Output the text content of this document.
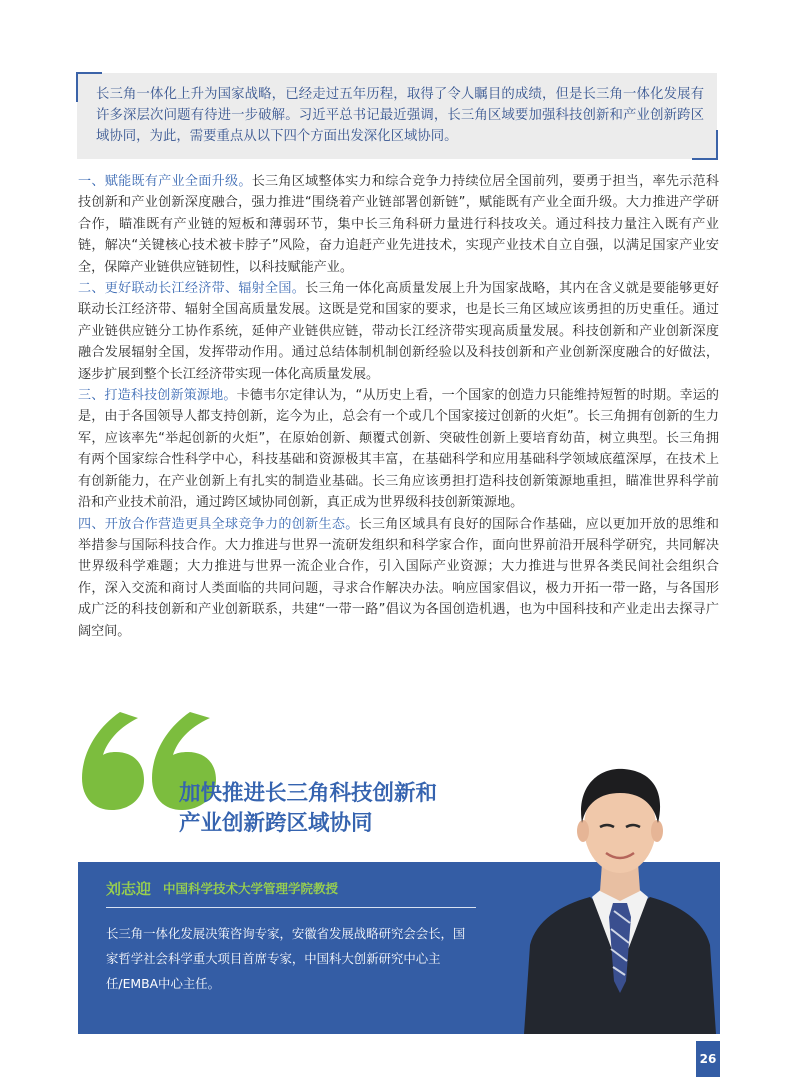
长三角一体化上升为国家战略，已经走过五年历程，取得了令人瞩目的成绩，但是长三角一体化发展有许多深层次问题有待进一步破解。习近平总书记最近强调，长三角区域要加强科技创新和产业创新跨区域协同，为此，需要重点从以下四个方面出发深化区域协同。

一、赋能既有产业全面升级。长三角区域整体实力和综合竞争力持续位居全国前列，要勇于担当，率先示范科技创新和产业创新深度融合，强力推进“围绕着产业链部署创新链”，赋能既有产业全面升级。大力推进产学研合作，瞄准既有产业链的短板和薄弱环节，集中长三角科研力量进行科技攻关。通过科技力量注入既有产业链，解决“关键核心技术被卡脖子”风险，奋力追赶产业先进技术，实现产业技术自立自强，以满足国家产业安全，保障产业链供应链韧性，以科技赋能产业。

二、更好联动长江经济带、辐射全国。长三角一体化高质量发展上升为国家战略，其内在含义就是要能够更好联动长江经济带、辐射全国高质量发展。这既是党和国家的要求，也是长三角区域应该勇担的历史重任。通过产业链供应链分工协作系统，延伸产业链供应链，带动长江经济带实现高质量发展。科技创新和产业创新深度融合发展辐射全国，发挥带动作用。通过总结体制机制创新经验以及科技创新和产业创新深度融合的好做法，逐步扩展到整个长江经济带实现一体化高质量发展。

三、打造科技创新策源地。卡德韦尔定律认为，“从历史上看，一个国家的创造力只能维持短暂的时期。幸运的是，由于各国领导人都支持创新，迄今为止，总会有一个或几个国家接过创新的火炬”。长三角拥有创新的生力军，应该率先“举起创新的火炬”，在原始创新、颠覆式创新、突破性创新上要培育幼苗，树立典型。长三角拥有两个国家综合性科学中心，科技基础和资源极其丰富，在基础科学和应用基础科学领域底蕴深厚，在技术上有创新能力，在产业创新上有扎实的制造业基础。长三角应该勇担打造科技创新策源地重担，瞄准世界科学前沿和产业技术前沿，通过跨区域协同创新，真正成为世界级科技创新策源地。

四、开放合作营造更具全球竞争力的创新生态。长三角区域具有良好的国际合作基础，应以更加开放的思维和举措参与国际科技合作。大力推进与世界一流研发组织和科学家合作，面向世界前沿开展科学研究，共同解决世界级科学难题；大力推进与世界一流企业合作，引入国际产业资源；大力推进与世界各类民间社会组织合作，深入交流和商讨人类面临的共同问题，寻求合作解决办法。响应国家倡议，极力开拓一带一路，与各国形成广泛的科技创新和产业创新联系，共建“一带一路”倡议为各国创造机遇，也为中国科技和产业走出去探寻广阔空间。

加快推进长三角科技创新和
产业创新跨区域协同
刘志迎 中国科学技术大学管理学院教授

长三角一体化发展决策咨询专家，安徽省发展战略研究会会长，国家哲学社会科学重大项目首席专家，中国科大创新研究中心主任/EMBA中心主任。

26
